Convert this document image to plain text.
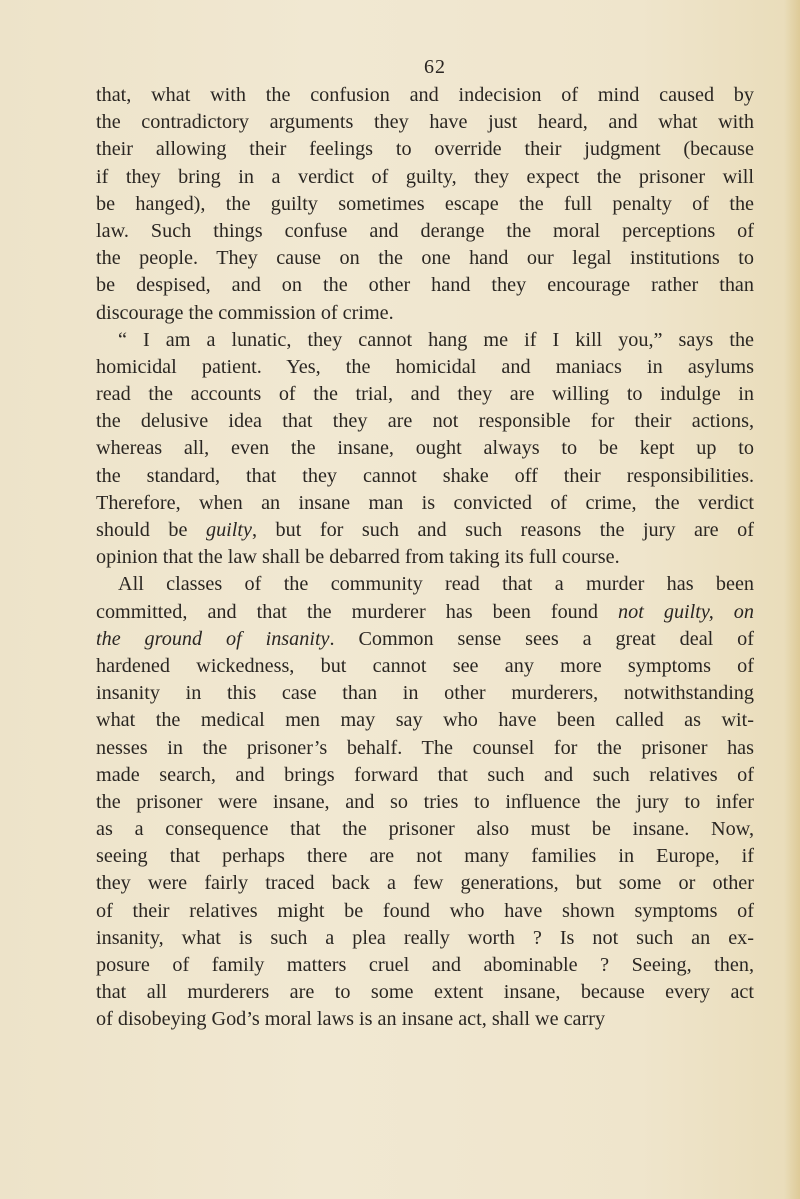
62
that, what with the confusion and indecision of mind caused by
the contradictory arguments they have just heard, and what with
their allowing their feelings to override their judgment (because
if they bring in a verdict of guilty, they expect the prisoner will
be hanged), the guilty sometimes escape the full penalty of the
law. Such things confuse and derange the moral perceptions of
the people. They cause on the one hand our legal institutions to
be despised, and on the other hand they encourage rather than
discourage the commission of crime.
“ I am a lunatic, they cannot hang me if I kill you,” says the
homicidal patient. Yes, the homicidal and maniacs in asylums
read the accounts of the trial, and they are willing to indulge in
the delusive idea that they are not responsible for their actions,
whereas all, even the insane, ought always to be kept up to
the standard, that they cannot shake off their responsibilities.
Therefore, when an insane man is convicted of crime, the verdict
should be guilty, but for such and such reasons the jury are of
opinion that the law shall be debarred from taking its full course.
All classes of the community read that a murder has been
committed, and that the murderer has been found not guilty, on
the ground of insanity. Common sense sees a great deal of
hardened wickedness, but cannot see any more symptoms of
insanity in this case than in other murderers, notwithstanding
what the medical men may say who have been called as wit-
nesses in the prisoner’s behalf. The counsel for the prisoner has
made search, and brings forward that such and such relatives of
the prisoner were insane, and so tries to influence the jury to infer
as a consequence that the prisoner also must be insane. Now,
seeing that perhaps there are not many families in Europe, if
they were fairly traced back a few generations, but some or other
of their relatives might be found who have shown symptoms of
insanity, what is such a plea really worth ? Is not such an ex-
posure of family matters cruel and abominable ? Seeing, then,
that all murderers are to some extent insane, because every act
of disobeying God’s moral laws is an insane act, shall we carry
